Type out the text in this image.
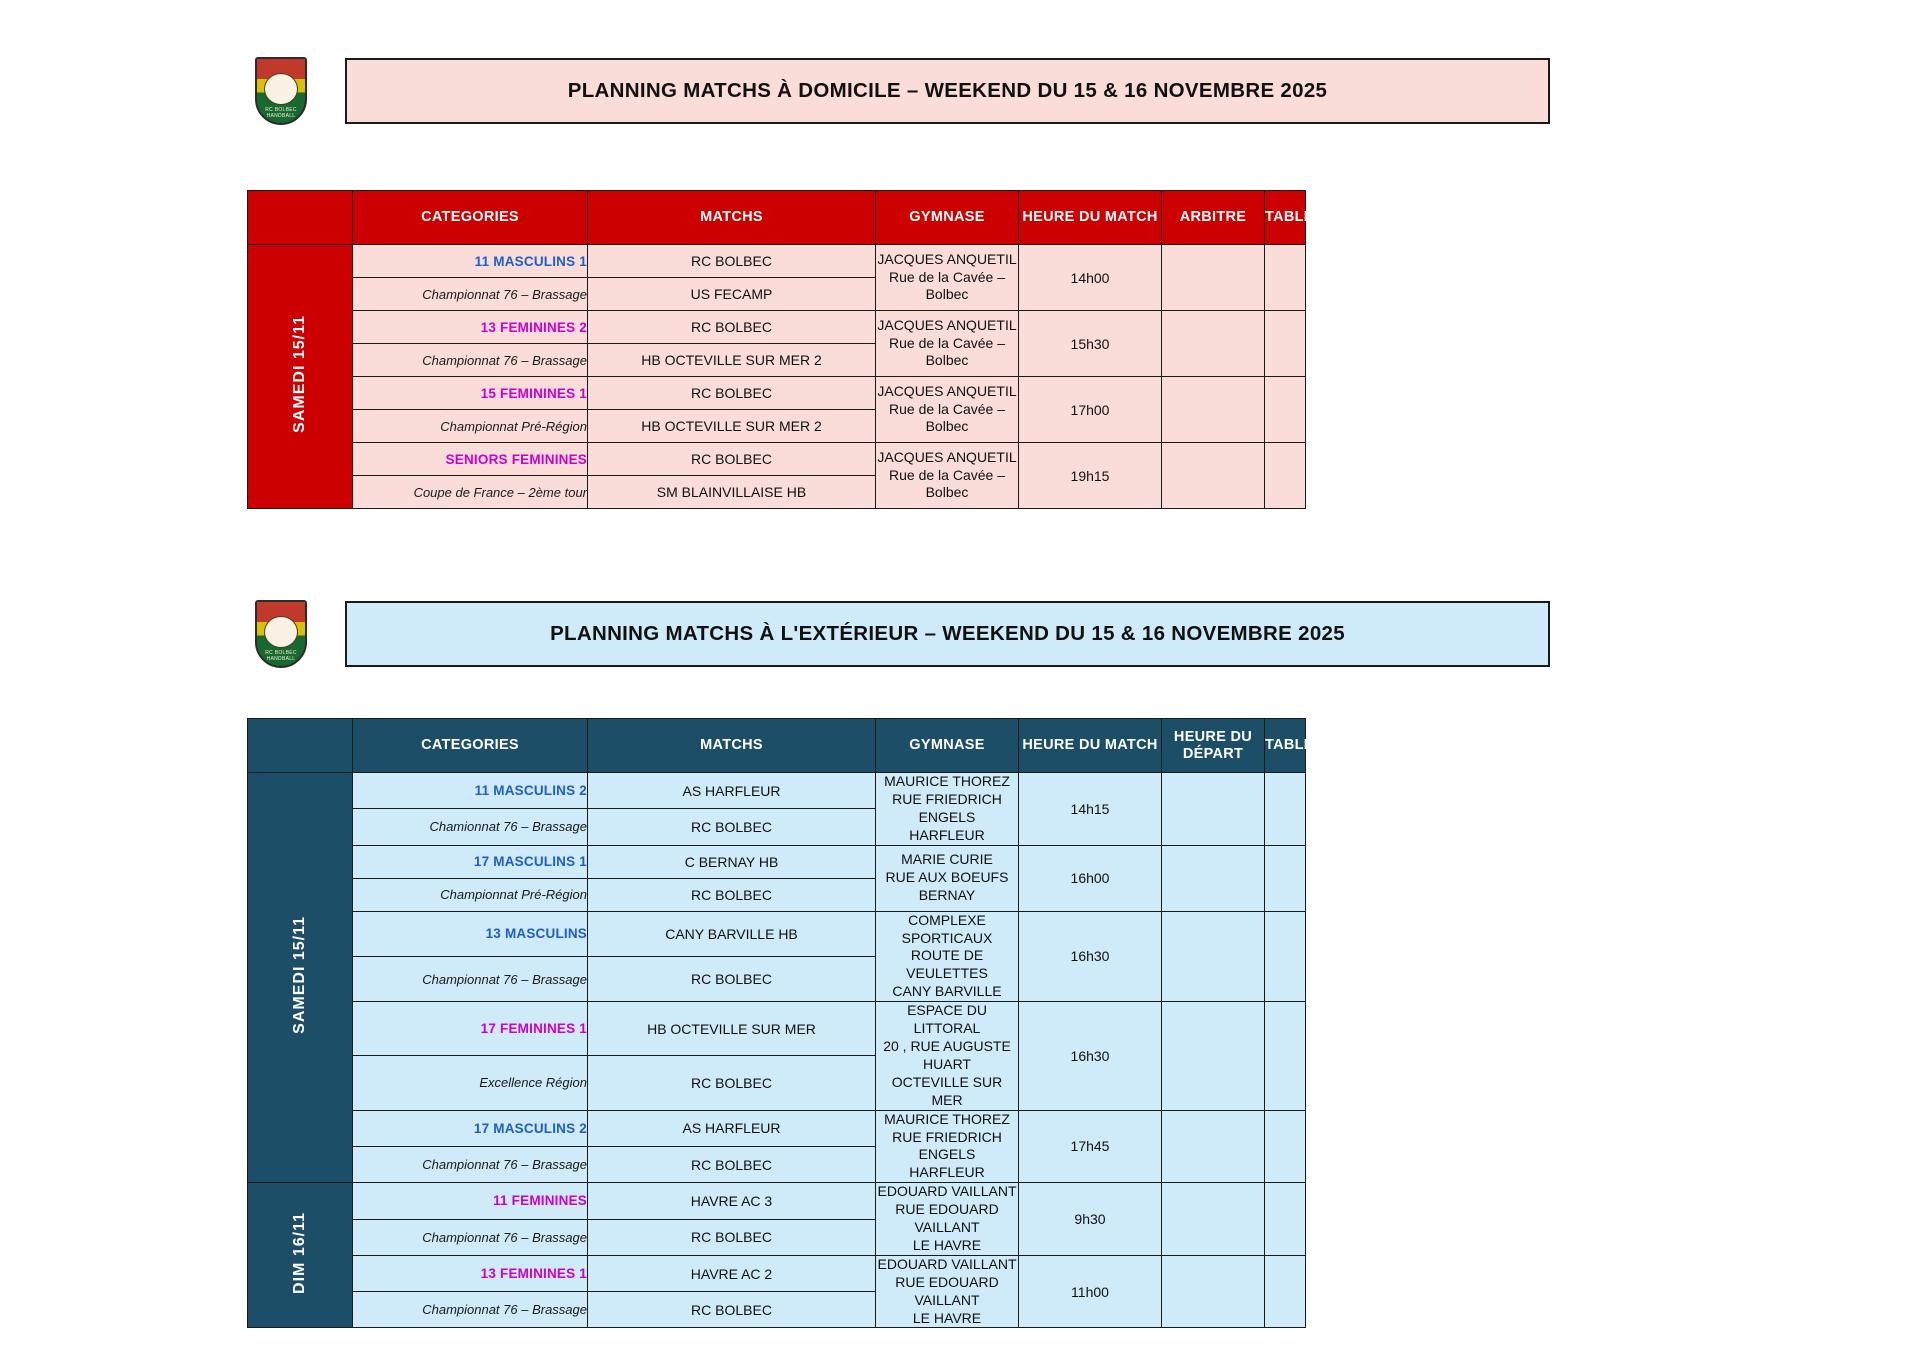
RC BOLBEC HANDBALL
PLANNING MATCHS À DOMICILE – WEEKEND DU 15 & 16 NOVEMBRE 2025
	CATEGORIES	MATCHS	GYMNASE	HEURE DU MATCH	ARBITRE	TABLE
SAMEDI 15/11	11 MASCULINS 1	RC BOLBEC	JACQUES ANQUETIL
Rue de la Cavée – Bolbec	14h00		
	Championnat 76 – Brassage	US FECAMP				
	13 FEMININES 2	RC BOLBEC	JACQUES ANQUETIL
Rue de la Cavée – Bolbec	15h30		
	Championnat 76 – Brassage	HB OCTEVILLE SUR MER 2				
	15 FEMININES 1	RC BOLBEC	JACQUES ANQUETIL
Rue de la Cavée – Bolbec	17h00		
	Championnat Pré-Région	HB OCTEVILLE SUR MER 2				
	SENIORS FEMININES	RC BOLBEC	JACQUES ANQUETIL
Rue de la Cavée – Bolbec	19h15		
	Coupe de France – 2ème tour	SM BLAINVILLAISE HB				
RC BOLBEC HANDBALL
PLANNING MATCHS À L'EXTÉRIEUR – WEEKEND DU 15 & 16 NOVEMBRE 2025
	CATEGORIES	MATCHS	GYMNASE	HEURE DU MATCH	HEURE DU DÉPART	TABLE
SAMEDI 15/11	11 MASCULINS 2	AS HARFLEUR	MAURICE THOREZ
RUE FRIEDRICH ENGELS
HARFLEUR	14h15		
	Chamionnat 76 – Brassage	RC BOLBEC				
	17 MASCULINS 1	C BERNAY HB	MARIE CURIE
RUE AUX BOEUFS
BERNAY	16h00		
	Championnat Pré-Région	RC BOLBEC				
	13 MASCULINS	CANY BARVILLE HB	COMPLEXE SPORTICAUX
ROUTE DE VEULETTES
CANY BARVILLE	16h30		
	Championnat 76 – Brassage	RC BOLBEC				
	17 FEMININES 1	HB OCTEVILLE SUR MER	ESPACE DU LITTORAL
20 , RUE AUGUSTE HUART
OCTEVILLE SUR MER	16h30		
	Excellence Région	RC BOLBEC				
	17 MASCULINS 2	AS HARFLEUR	MAURICE THOREZ
RUE FRIEDRICH ENGELS
HARFLEUR	17h45		
	Championnat 76 – Brassage	RC BOLBEC				
DIM 16/11	11 FEMININES	HAVRE AC 3	EDOUARD VAILLANT
RUE EDOUARD VAILLANT
LE HAVRE	9h30		
	Championnat 76 – Brassage	RC BOLBEC				
	13 FEMININES 1	HAVRE AC 2	EDOUARD VAILLANT
RUE EDOUARD VAILLANT
LE HAVRE	11h00		
	Championnat 76 – Brassage	RC BOLBEC				
